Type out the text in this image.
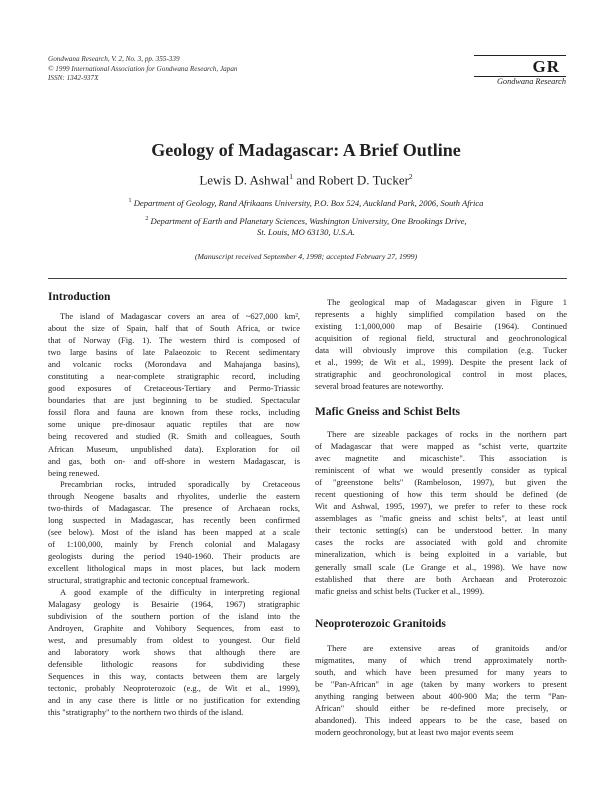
Gondwana Research, V. 2, No. 3, pp. 355-339
© 1999 International Association for Gondwana Research, Japan
ISSN: 1342-937X
GR
Gondwana Research
Geology of Madagascar: A Brief Outline
Lewis D. Ashwal$^1$ and Robert D. Tucker$^2$
$^1$ Department of Geology, Rand Afrikaans University, P.O. Box 524, Auckland Park, 2006, South Africa
$^2$ Department of Earth and Planetary Sciences, Washington University, One Brookings Drive,
St. Louis, MO 63130, U.S.A.
(Manuscript received September 4, 1998; accepted February 27, 1999)
Introduction
The island of Madagascar covers an area of ~627,000 km²,
about the size of Spain, half that of South Africa, or twice
that of Norway (Fig. 1). The western third is composed of
two large basins of late Palaeozoic to Recent sedimentary
and volcanic rocks (Morondava and Mahajanga basins),
constituting a near-complete stratigraphic record, including
good exposures of Cretaceous-Tertiary and Permo-Triassic
boundaries that are just beginning to be studied. Spectacular
fossil flora and fauna are known from these rocks, including
some unique pre-dinosaur aquatic reptiles that are now
being recovered and studied (R. Smith and colleagues, South
African Museum, unpublished data). Exploration for oil
and gas, both on- and off-shore in western Madagascar, is
being renewed.
Precambrian rocks, intruded sporadically by Cretaceous
through Neogene basalts and rhyolites, underlie the eastern
two-thirds of Madagascar. The presence of Archaean rocks,
long suspected in Madagascar, has recently been confirmed
(see below). Most of the island has been mapped at a scale
of 1:100,000, mainly by French colonial and Malagasy
geologists during the period 1940-1960. Their products are
excellent lithological maps in most places, but lack modern
structural, stratigraphic and tectonic conceptual framework.
A good example of the difficulty in interpreting regional
Malagasy geology is Besairie (1964, 1967) stratigraphic
subdivision of the southern portion of the island into the
Androyen, Graphite and Vohibory Sequences, from east to
west, and presumably from oldest to youngest. Our field
and laboratory work shows that although there are
defensible lithologic reasons for subdividing these
Sequences in this way, contacts between them are largely
tectonic, probably Neoproterozoic (e.g., de Wit et al., 1999),
and in any case there is little or no justification for extending
this "stratigraphy" to the northern two thirds of the island.
The geological map of Madagascar given in Figure 1
represents a highly simplified compilation based on the
existing 1:1,000,000 map of Besairie (1964). Continued
acquisition of regional field, structural and geochronological
data will obviously improve this compilation (e.g. Tucker
et al., 1999; de Wit et al., 1999). Despite the present lack of
stratigraphic and geochronological control in most places,
several broad features are noteworthy.
Mafic Gneiss and Schist Belts
There are sizeable packages of rocks in the northern part
of Madagascar that were mapped as "schist verte, quartzite
avec magnetite and micaschiste". This association is
reminiscent of what we would presently consider as typical
of "greenstone belts" (Rambeloson, 1997), but given the
recent questioning of how this term should be defined (de
Wit and Ashwal, 1995, 1997), we prefer to refer to these rock
assemblages as "mafic gneiss and schist belts", at least until
their tectonic setting(s) can be understood better. In many
cases the rocks are associated with gold and chromite
mineralization, which is being exploited in a variable, but
generally small scale (Le Grange et al., 1998). We have now
established that there are both Archaean and Proterozoic
mafic gneiss and schist belts (Tucker et al., 1999).
Neoproterozoic Granitoids
There are extensive areas of granitoids and/or
migmatites, many of which trend approximately north-
south, and which have been presumed for many years to
be "Pan-African" in age (taken by many workers to present
anything ranging between about 400-900 Ma; the term "Pan-
African" should either be re-defined more precisely, or
abandoned). This indeed appears to be the case, based on
modern geochronology, but at least two major events seem
